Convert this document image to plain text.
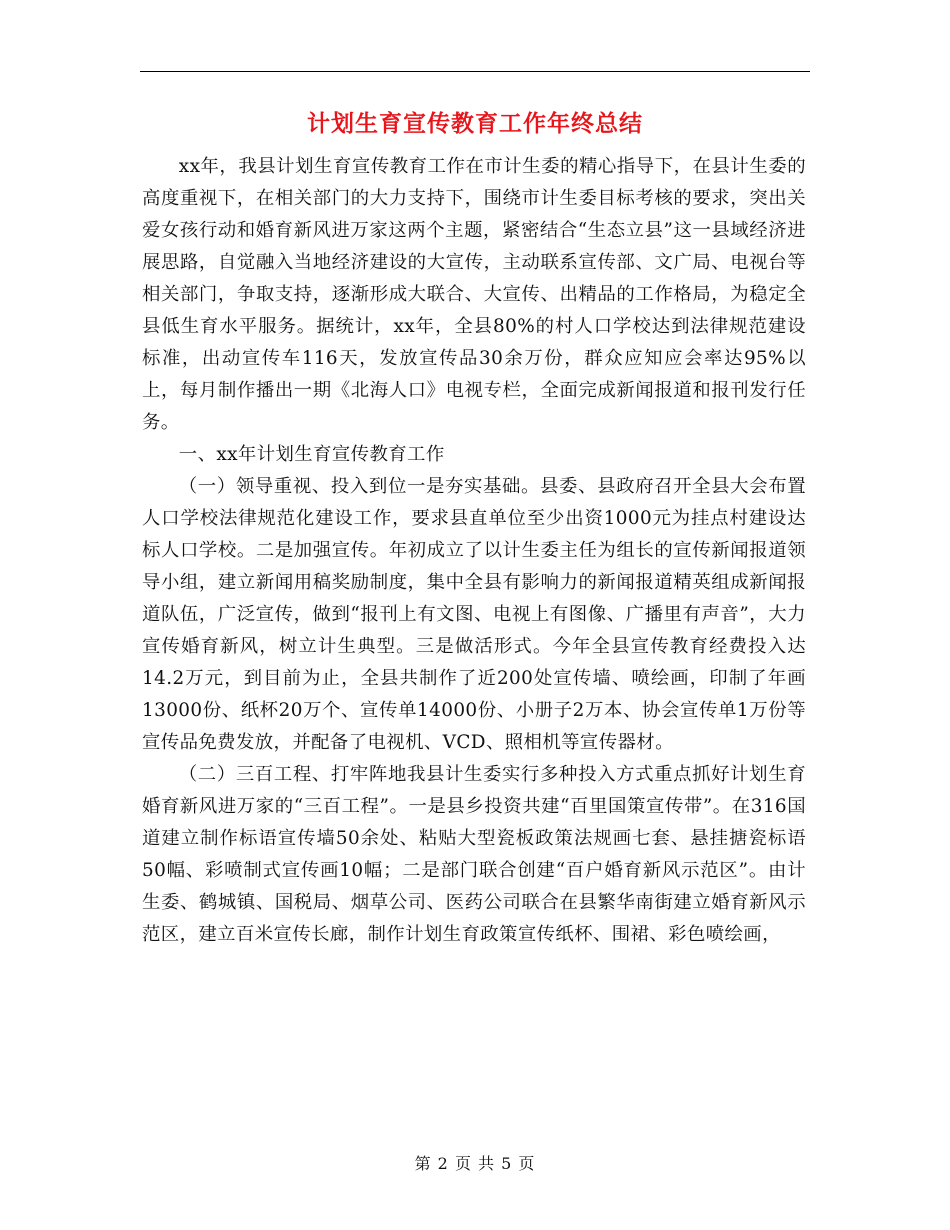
计划生育宣传教育工作年终总结

xx年，我县计划生育宣传教育工作在市计生委的精心指导下，在县计生委的高度重视下，在相关部门的大力支持下，围绕市计生委目标考核的要求，突出关爱女孩行动和婚育新风进万家这两个主题，紧密结合“生态立县”这一县域经济进展思路，自觉融入当地经济建设的大宣传，主动联系宣传部、文广局、电视台等相关部门，争取支持，逐渐形成大联合、大宣传、出精品的工作格局，为稳定全县低生育水平服务。据统计，xx年，全县80%的村人口学校达到法律规范建设标准，出动宣传车116天，发放宣传品30余万份，群众应知应会率达95%以上，每月制作播出一期《北海人口》电视专栏，全面完成新闻报道和报刊发行任务。

一、xx年计划生育宣传教育工作

（一）领导重视、投入到位一是夯实基础。县委、县政府召开全县大会布置人口学校法律规范化建设工作，要求县直单位至少出资1000元为挂点村建设达标人口学校。二是加强宣传。年初成立了以计生委主任为组长的宣传新闻报道领导小组，建立新闻用稿奖励制度，集中全县有影响力的新闻报道精英组成新闻报道队伍，广泛宣传，做到“报刊上有文图、电视上有图像、广播里有声音”，大力宣传婚育新风，树立计生典型。三是做活形式。今年全县宣传教育经费投入达14.2万元，到目前为止，全县共制作了近200处宣传墙、喷绘画，印制了年画13000份、纸杯20万个、宣传单14000份、小册子2万本、协会宣传单1万份等宣传品免费发放，并配备了电视机、VCD、照相机等宣传器材。

（二）三百工程、打牢阵地我县计生委实行多种投入方式重点抓好计划生育婚育新风进万家的“三百工程”。一是县乡投资共建“百里国策宣传带”。在316国道建立制作标语宣传墙50余处、粘贴大型瓷板政策法规画七套、悬挂搪瓷标语50幅、彩喷制式宣传画10幅；二是部门联合创建“百户婚育新风示范区”。由计生委、鹤城镇、国税局、烟草公司、医药公司联合在县繁华南街建立婚育新风示范区，建立百米宣传长廊，制作计划生育政策宣传纸杯、围裙、彩色喷绘画，

第 2 页 共 5 页
